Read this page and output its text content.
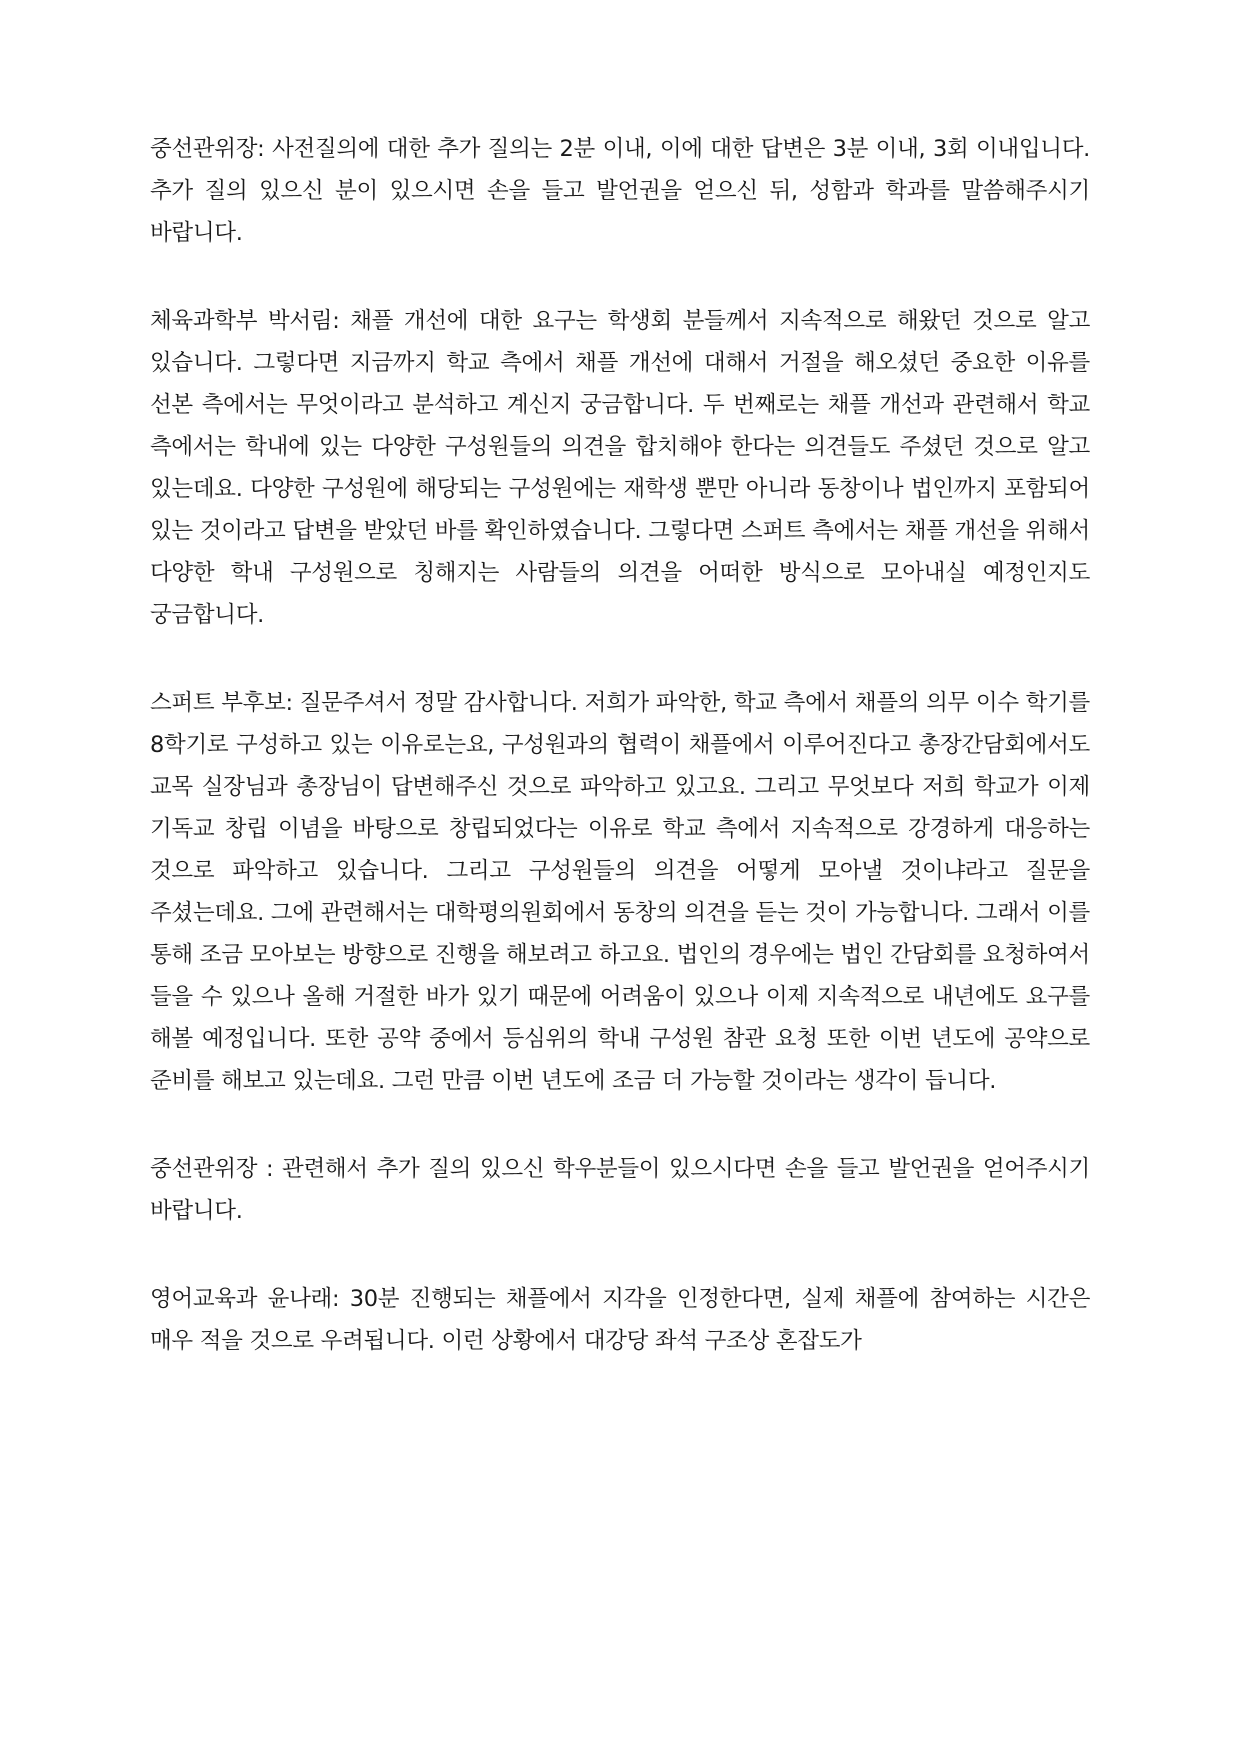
중선관위장: 사전질의에 대한 추가 질의는 2분 이내, 이에 대한 답변은 3분 이내, 3회 이내입니다. 추가 질의 있으신 분이 있으시면 손을 들고 발언권을 얻으신 뒤, 성함과 학과를 말씀해주시기 바랍니다.

체육과학부 박서림: 채플 개선에 대한 요구는 학생회 분들께서 지속적으로 해왔던 것으로 알고 있습니다. 그렇다면 지금까지 학교 측에서 채플 개선에 대해서 거절을 해오셨던 중요한 이유를 선본 측에서는 무엇이라고 분석하고 계신지 궁금합니다. 두 번째로는 채플 개선과 관련해서 학교 측에서는 학내에 있는 다양한 구성원들의 의견을 합치해야 한다는 의견들도 주셨던 것으로 알고 있는데요. 다양한 구성원에 해당되는 구성원에는 재학생 뿐만 아니라 동창이나 법인까지 포함되어 있는 것이라고 답변을 받았던 바를 확인하였습니다. 그렇다면 스퍼트 측에서는 채플 개선을 위해서 다양한 학내 구성원으로 칭해지는 사람들의 의견을 어떠한 방식으로 모아내실 예정인지도 궁금합니다.

스퍼트 부후보: 질문주셔서 정말 감사합니다. 저희가 파악한, 학교 측에서 채플의 의무 이수 학기를 8학기로 구성하고 있는 이유로는요, 구성원과의 협력이 채플에서 이루어진다고 총장간담회에서도 교목 실장님과 총장님이 답변해주신 것으로 파악하고 있고요. 그리고 무엇보다 저희 학교가 이제 기독교 창립 이념을 바탕으로 창립되었다는 이유로 학교 측에서 지속적으로 강경하게 대응하는 것으로 파악하고 있습니다. 그리고 구성원들의 의견을 어떻게 모아낼 것이냐라고 질문을 주셨는데요. 그에 관련해서는 대학평의원회에서 동창의 의견을 듣는 것이 가능합니다. 그래서 이를 통해 조금 모아보는 방향으로 진행을 해보려고 하고요. 법인의 경우에는 법인 간담회를 요청하여서 들을 수 있으나 올해 거절한 바가 있기 때문에 어려움이 있으나 이제 지속적으로 내년에도 요구를 해볼 예정입니다. 또한 공약 중에서 등심위의 학내 구성원 참관 요청 또한 이번 년도에 공약으로 준비를 해보고 있는데요. 그런 만큼 이번 년도에 조금 더 가능할 것이라는 생각이 듭니다.

중선관위장 : 관련해서 추가 질의 있으신 학우분들이 있으시다면 손을 들고 발언권을 얻어주시기 바랍니다.

영어교육과 윤나래: 30분 진행되는 채플에서 지각을 인정한다면, 실제 채플에 참여하는 시간은 매우 적을 것으로 우려됩니다. 이런 상황에서 대강당 좌석 구조상 혼잡도가
